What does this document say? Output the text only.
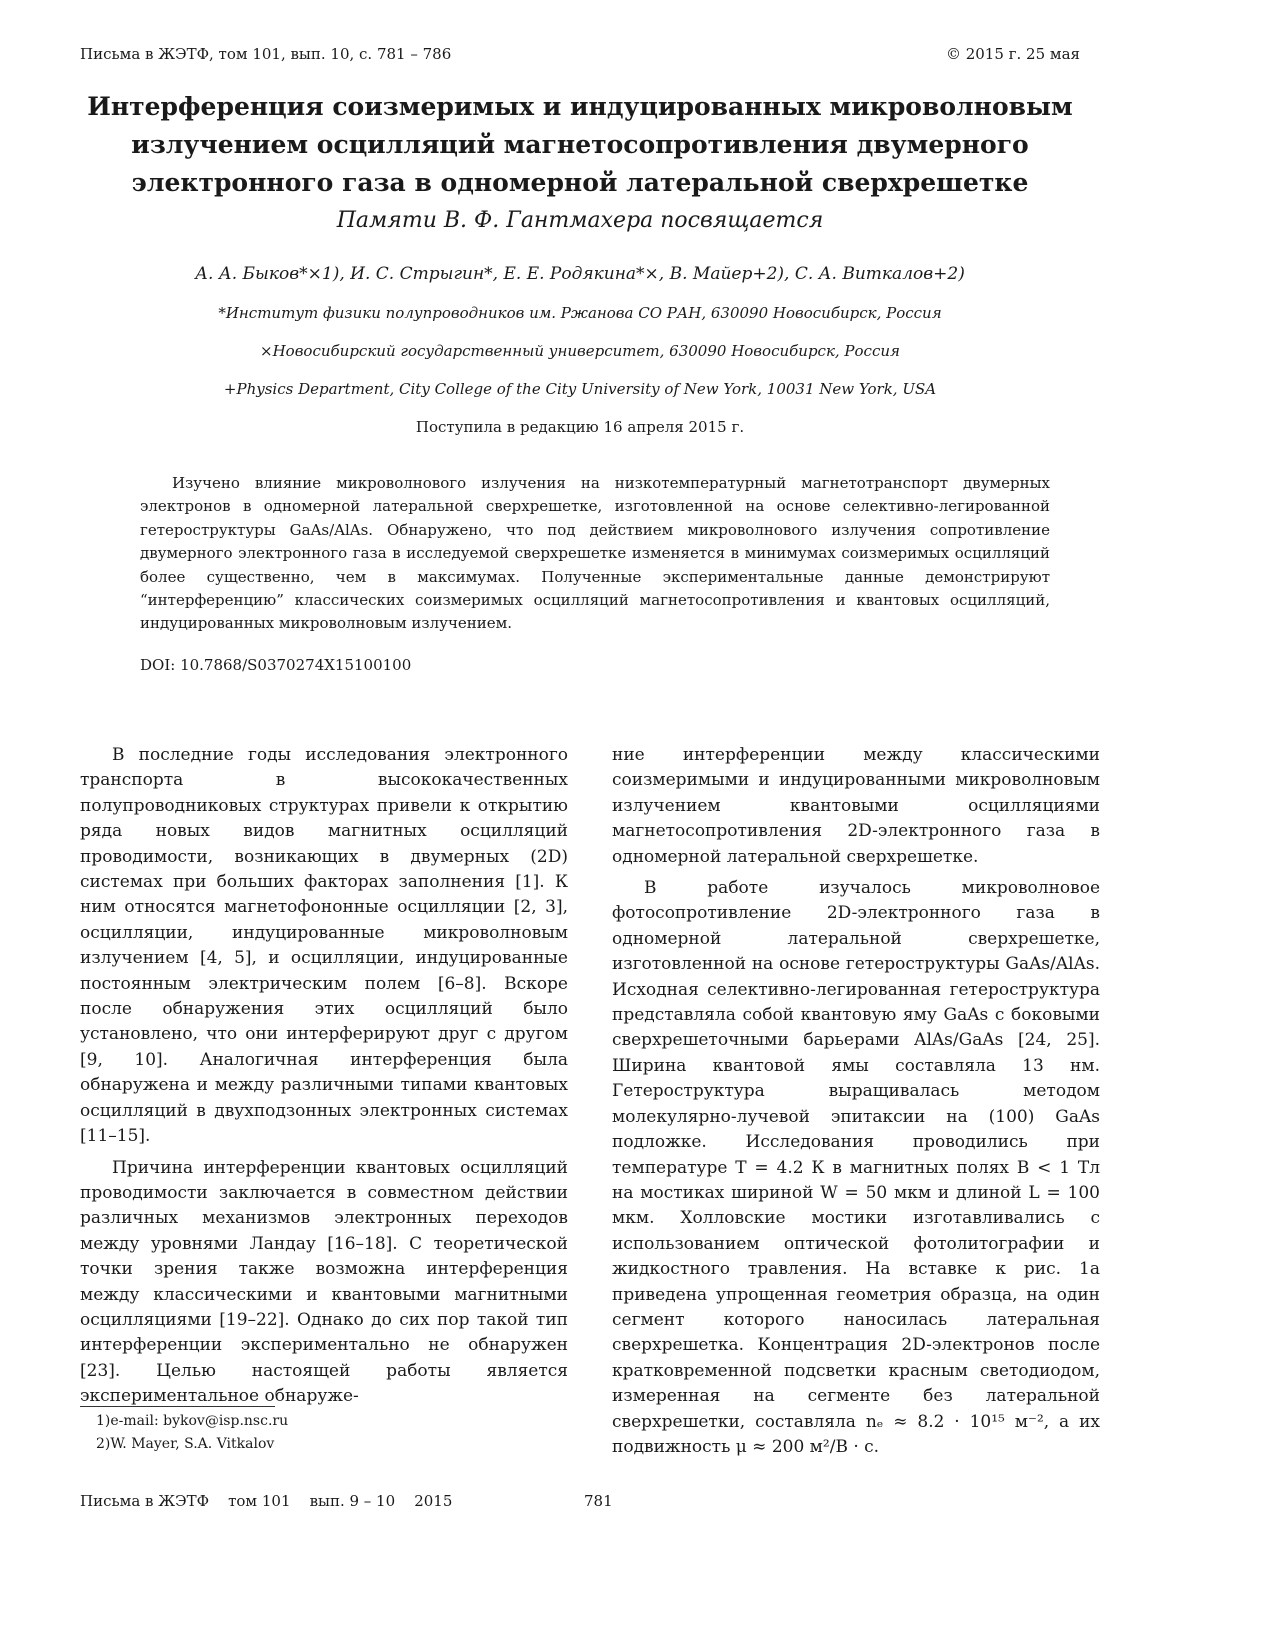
Письма в ЖЭТФ, том 101, вып. 10, с. 781 – 786	© 2015 г. 25 мая
Интерференция соизмеримых и индуцированных микроволновым излучением осцилляций магнетосопротивления двумерного электронного газа в одномерной латеральной сверхрешетке
Памяти В. Ф. Гантмахера посвящается
А. А. Быков*×1), И. С. Стрыгин*, Е. Е. Родякина*×, В. Майер+2), С. А. Виткалов+2)
*Институт физики полупроводников им. Ржанова СО РАН, 630090 Новосибирск, Россия
×Новосибирский государственный университет, 630090 Новосибирск, Россия
+Physics Department, City College of the City University of New York, 10031 New York, USA
Поступила в редакцию 16 апреля 2015 г.
Изучено влияние микроволнового излучения на низкотемпературный магнетотранспорт двумерных электронов в одномерной латеральной сверхрешетке, изготовленной на основе селективно-легированной гетероструктуры GaAs/AlAs. Обнаружено, что под действием микроволнового излучения сопротивление двумерного электронного газа в исследуемой сверхрешетке изменяется в минимумах соизмеримых осцилляций более существенно, чем в максимумах. Полученные экспериментальные данные демонстрируют “интерференцию” классических соизмеримых осцилляций магнетосопротивления и квантовых осцилляций, индуцированных микроволновым излучением.
DOI: 10.7868/S0370274X15100100

В последние годы исследования электронного транспорта в высококачественных полупроводниковых структурах привели к открытию ряда новых видов магнитных осцилляций проводимости, возникающих в двумерных (2D) системах при больших факторах заполнения [1]. К ним относятся магнетофононные осцилляции [2, 3], осцилляции, индуцированные микроволновым излучением [4, 5], и осцилляции, индуцированные постоянным электрическим полем [6–8]. Вскоре после обнаружения этих осцилляций было установлено, что они интерферируют друг с другом [9, 10]. Аналогичная интерференция была обнаружена и между различными типами квантовых осцилляций в двухподзонных электронных системах [11–15].

Причина интерференции квантовых осцилляций проводимости заключается в совместном действии различных механизмов электронных переходов между уровнями Ландау [16–18]. С теоретической точки зрения также возможна интерференция между классическими и квантовыми магнитными осцилляциями [19–22]. Однако до сих пор такой тип интерференции экспериментально не обнаружен [23]. Целью настоящей работы является экспериментальное обнаруже-

ние интерференции между классическими соизмеримыми и индуцированными микроволновым излучением квантовыми осцилляциями магнетосопротивления 2D-электронного газа в одномерной латеральной сверхрешетке.

В работе изучалось микроволновое фотосопротивление 2D-электронного газа в одномерной латеральной сверхрешетке, изготовленной на основе гетероструктуры GaAs/AlAs. Исходная селективно-легированная гетероструктура представляла собой квантовую яму GaAs с боковыми сверхрешеточными барьерами AlAs/GaAs [24, 25]. Ширина квантовой ямы составляла 13 нм. Гетероструктура выращивалась методом молекулярно-лучевой эпитаксии на (100) GaAs подложке. Исследования проводились при температуре T = 4.2 К в магнитных полях B < 1 Тл на мостиках шириной W = 50 мкм и длиной L = 100 мкм. Холловские мостики изготавливались с использованием оптической фотолитографии и жидкостного травления. На вставке к рис. 1а приведена упрощенная геометрия образца, на один сегмент которого наносилась латеральная сверхрешетка. Концентрация 2D-электронов после кратковременной подсветки красным светодиодом, измеренная на сегменте без латеральной сверхрешетки, составляла nₑ ≈ 8.2 · 10¹⁵ м⁻², а их подвижность μ ≈ 200 м²/В · с.

1)e-mail: bykov@isp.nsc.ru
2)W. Mayer, S.A. Vitkalov
Письма в ЖЭТФ    том 101    вып. 9 – 10    2015	781
